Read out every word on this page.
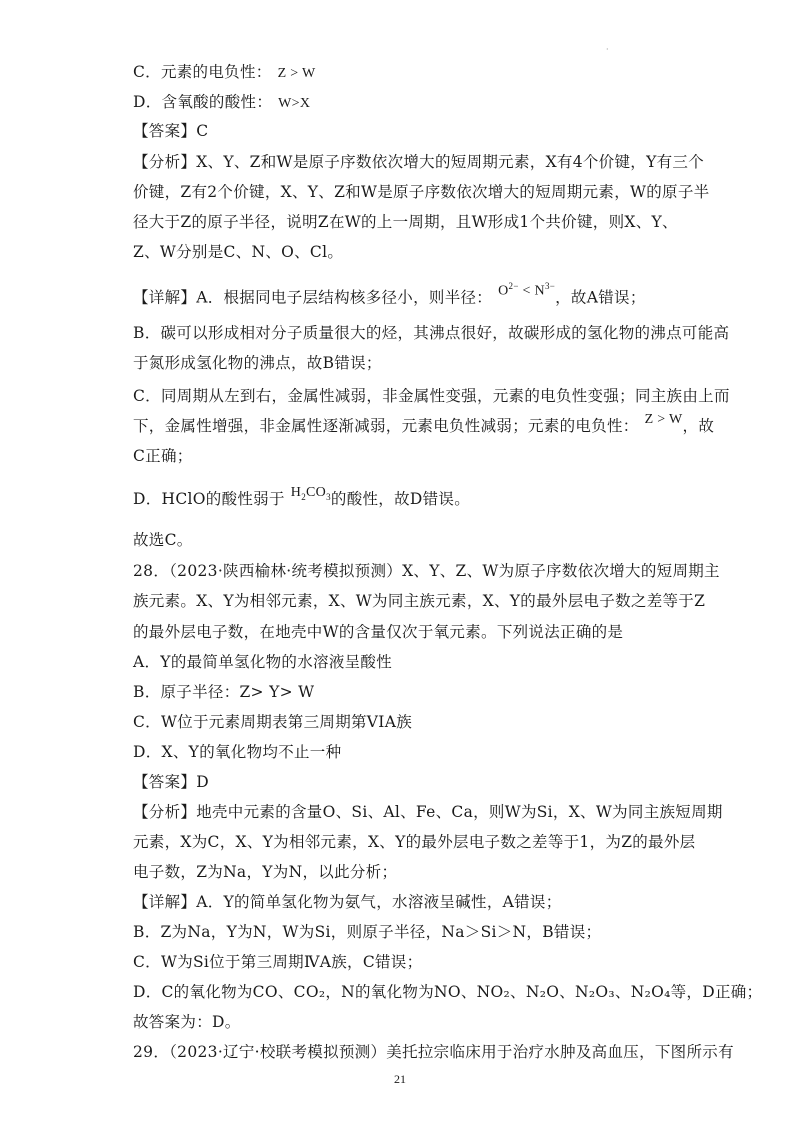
·
C．元素的电负性： Z > W
D．含氧酸的酸性： W>X
【答案】C
【分析】X、Y、Z和W是原子序数依次增大的短周期元素，X有4个价键，Y有三个
价键，Z有2个价键，X、Y、Z和W是原子序数依次增大的短周期元素，W的原子半
径大于Z的原子半径，说明Z在W的上一周期，且W形成1个共价键，则X、Y、
Z、W分别是C、N、O、Cl。
【详解】A．根据同电子层结构核多径小，则半径： $O^{2-} < N^{3-}$，故A错误；
B．碳可以形成相对分子质量很大的烃，其沸点很好，故碳形成的氢化物的沸点可能高
于氮形成氢化物的沸点，故B错误；
C．同周期从左到右，金属性减弱，非金属性变强，元素的电负性变强；同主族由上而
下，金属性增强，非金属性逐渐减弱，元素电负性减弱；元素的电负性： Z > W，故
C正确；
D．HClO的酸性弱于 $H_2CO_3$的酸性，故D错误。
故选C。
28．（2023·陕西榆林·统考模拟预测）X、Y、Z、W为原子序数依次增大的短周期主
族元素。X、Y为相邻元素，X、W为同主族元素，X、Y的最外层电子数之差等于Z
的最外层电子数，在地壳中W的含量仅次于氧元素。下列说法正确的是
A．Y的最简单氢化物的水溶液呈酸性
B．原子半径：Z> Y> W
C．W位于元素周期表第三周期第VIA族
D．X、Y的氧化物均不止一种
【答案】D
【分析】地壳中元素的含量O、Si、Al、Fe、Ca，则W为Si，X、W为同主族短周期
元素，X为C，X、Y为相邻元素，X、Y的最外层电子数之差等于1，为Z的最外层
电子数，Z为Na，Y为N，以此分析；
【详解】A．Y的简单氢化物为氨气，水溶液呈碱性，A错误；
B．Z为Na，Y为N，W为Si，则原子半径，Na＞Si＞N，B错误；
C．W为Si位于第三周期ⅣA族，C错误；
D．C的氧化物为CO、CO₂，N的氧化物为NO、NO₂、N₂O、N₂O₃、N₂O₄等，D正确；
故答案为：D。
29．（2023·辽宁·校联考模拟预测）美托拉宗临床用于治疗水肿及高血压，下图所示有
21
